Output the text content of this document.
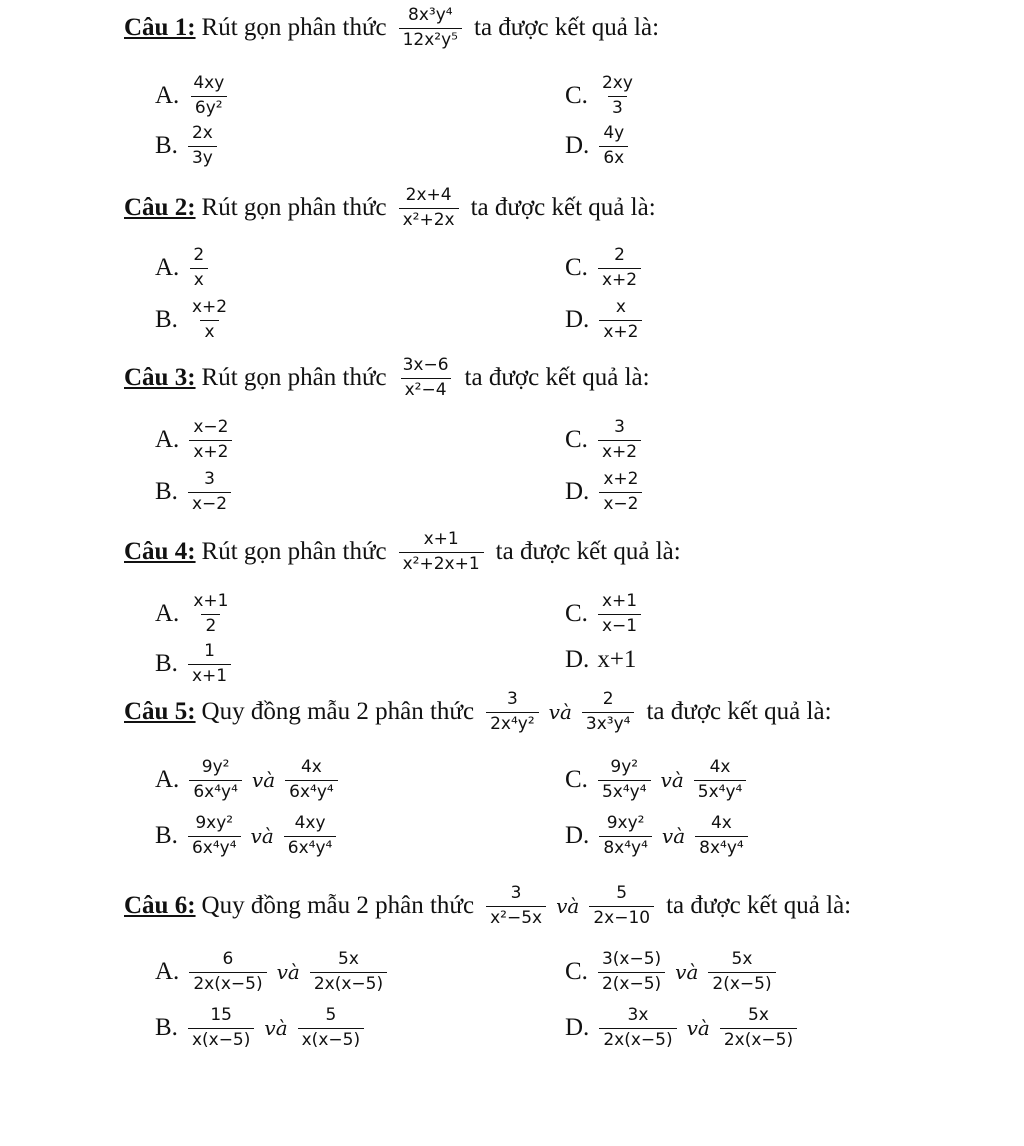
Câu 1: Rút gọn phân thức $\frac{\text{8x³y⁴}}{\text{12x²y⁵}}$ ta được kết quả là:
A. $\frac{4xy}{\text{6y²}}$	C. $\frac{2xy}{3}$
B. $\frac{2x}{3y}$	D. $\frac{4y}{6x}$
Câu 2: Rút gọn phân thức $\frac{2x+4}{\text{x²+2x}}$ ta được kết quả là:
A. $\frac{2}{x}$	C. $\frac{2}{x+2}$
B. $\frac{x+2}{x}$	D. $\frac{x}{x+2}$
Câu 3: Rút gọn phân thức $\frac{3x-6}{\text{x²−4}}$ ta được kết quả là:
A. $\frac{x-2}{x+2}$	C. $\frac{3}{x+2}$
B. $\frac{3}{x-2}$	D. $\frac{x+2}{x-2}$
Câu 4: Rút gọn phân thức $\frac{x+1}{\text{x²+2x+1}}$ ta được kết quả là:
A. $\frac{x+1}{2}$	C. $\frac{x+1}{x-1}$
B. $\frac{1}{x+1}$	D. x+1
Câu 5: Quy đồng mẫu 2 phân thức $\frac{3}{\text{2x⁴y²}}$ và $\frac{2}{\text{3x³y⁴}}$ ta được kết quả là:
A. $\frac{\text{9y²}}{\text{6x⁴y⁴}}$ và $\frac{4x}{\text{6x⁴y⁴}}$	C. $\frac{\text{9y²}}{\text{5x⁴y⁴}}$ và $\frac{4x}{\text{5x⁴y⁴}}$
B. $\frac{\text{9xy²}}{\text{6x⁴y⁴}}$ và $\frac{4xy}{\text{6x⁴y⁴}}$	D. $\frac{\text{9xy²}}{\text{8x⁴y⁴}}$ và $\frac{4x}{\text{8x⁴y⁴}}$
Câu 6: Quy đồng mẫu 2 phân thức $\frac{3}{\text{x²−5x}}$ và $\frac{5}{2x-10}$ ta được kết quả là:
A. $\frac{6}{2x(x-5)}$ và $\frac{5x}{2x(x-5)}$	C. $\frac{3(x-5)}{2(x-5)}$ và $\frac{5x}{2(x-5)}$
B. $\frac{15}{x(x-5)}$ và $\frac{5}{x(x-5)}$	D. $\frac{3x}{2x(x-5)}$ và $\frac{5x}{2x(x-5)}$
